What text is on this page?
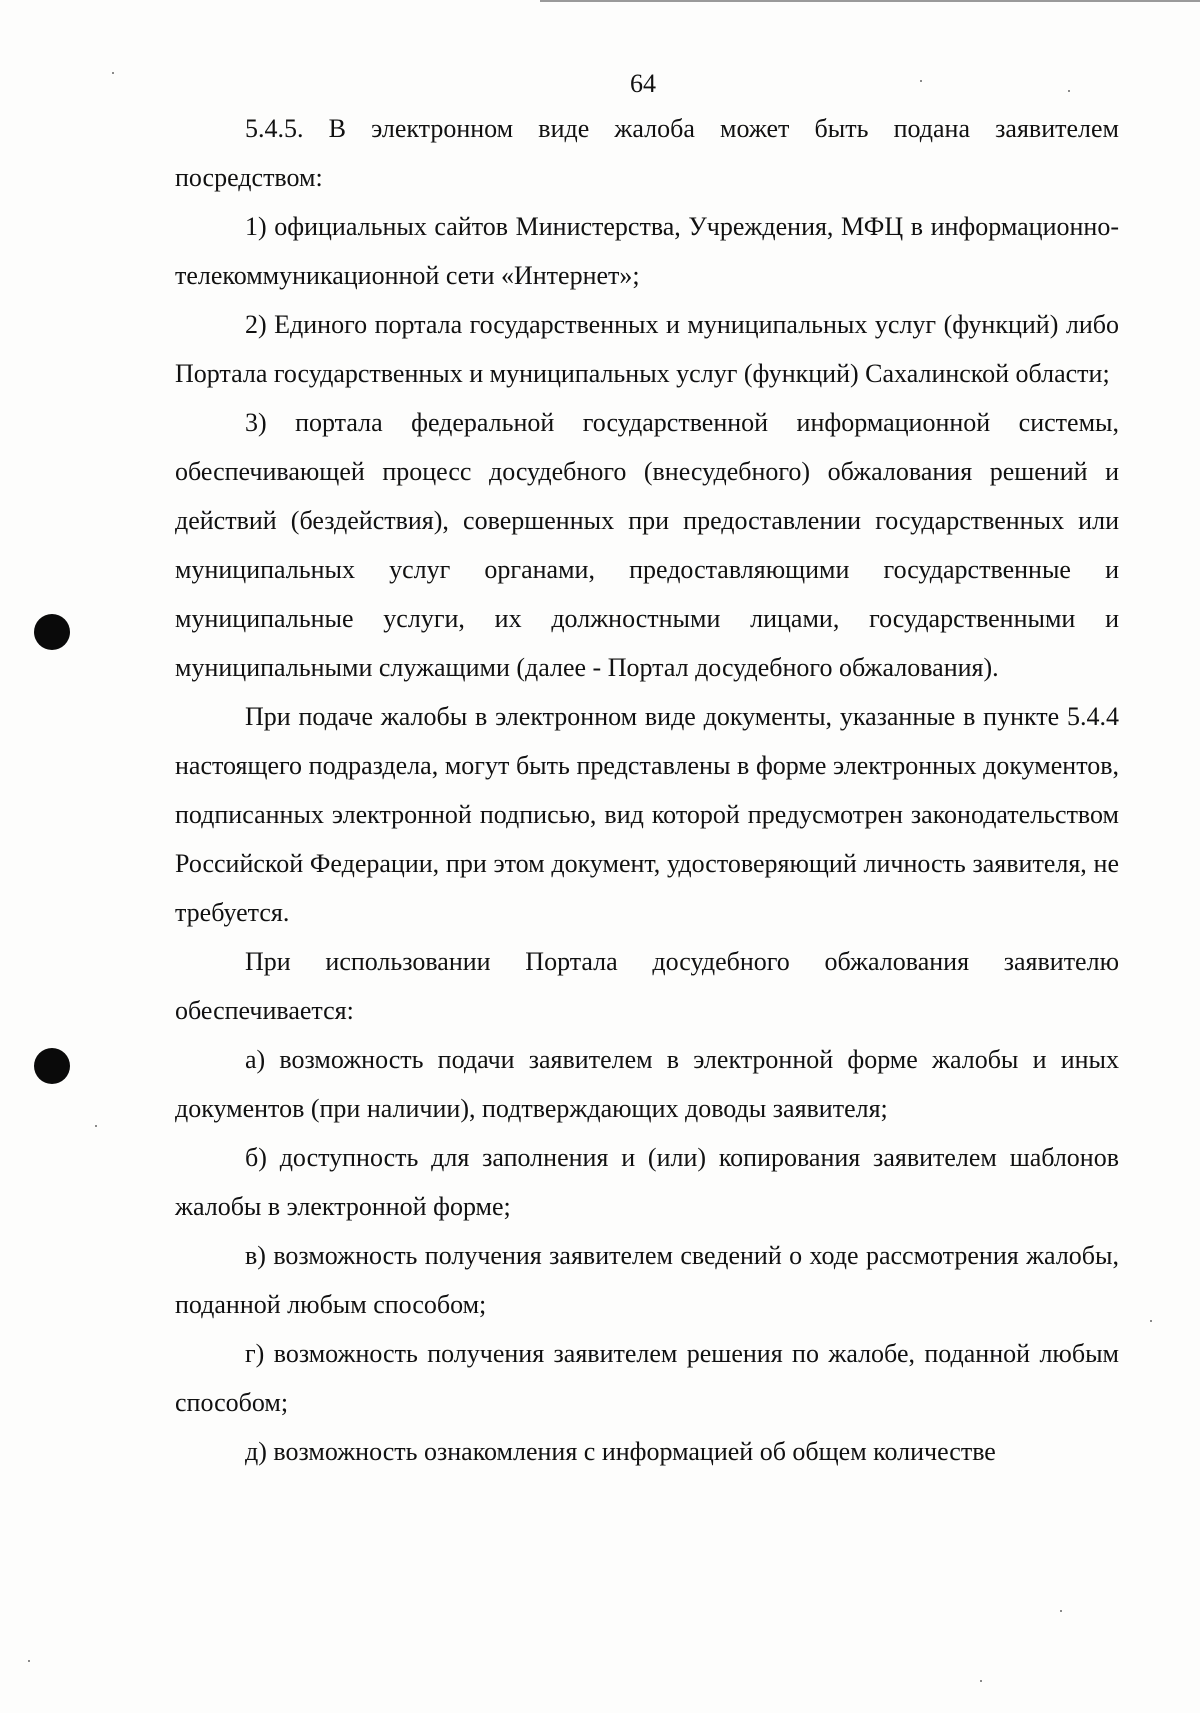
64

5.4.5. В электронном виде жалоба может быть подана заявителем посредством:

1) официальных сайтов Министерства, Учреждения, МФЦ в информационно-телекоммуникационной сети «Интернет»;

2) Единого портала государственных и муниципальных услуг (функций) либо Портала государственных и муниципальных услуг (функций) Сахалинской области;

3) портала федеральной государственной информационной системы, обеспечивающей процесс досудебного (внесудебного) обжалования решений и действий (бездействия), совершенных при предоставлении государственных или муниципальных услуг органами, предоставляющими государственные и муниципальные услуги, их должностными лицами, государственными и муниципальными служащими (далее - Портал досудебного обжалования).

При подаче жалобы в электронном виде документы, указанные в пункте 5.4.4 настоящего подраздела, могут быть представлены в форме электронных документов, подписанных электронной подписью, вид которой предусмотрен законодательством Российской Федерации, при этом документ, удостоверяющий личность заявителя, не требуется.

При использовании Портала досудебного обжалования заявителю обеспечивается:

а) возможность подачи заявителем в электронной форме жалобы и иных документов (при наличии), подтверждающих доводы заявителя;

б) доступность для заполнения и (или) копирования заявителем шаблонов жалобы в электронной форме;

в) возможность получения заявителем сведений о ходе рассмотрения жалобы, поданной любым способом;

г) возможность получения заявителем решения по жалобе, поданной любым способом;

д) возможность ознакомления с информацией об общем количестве
